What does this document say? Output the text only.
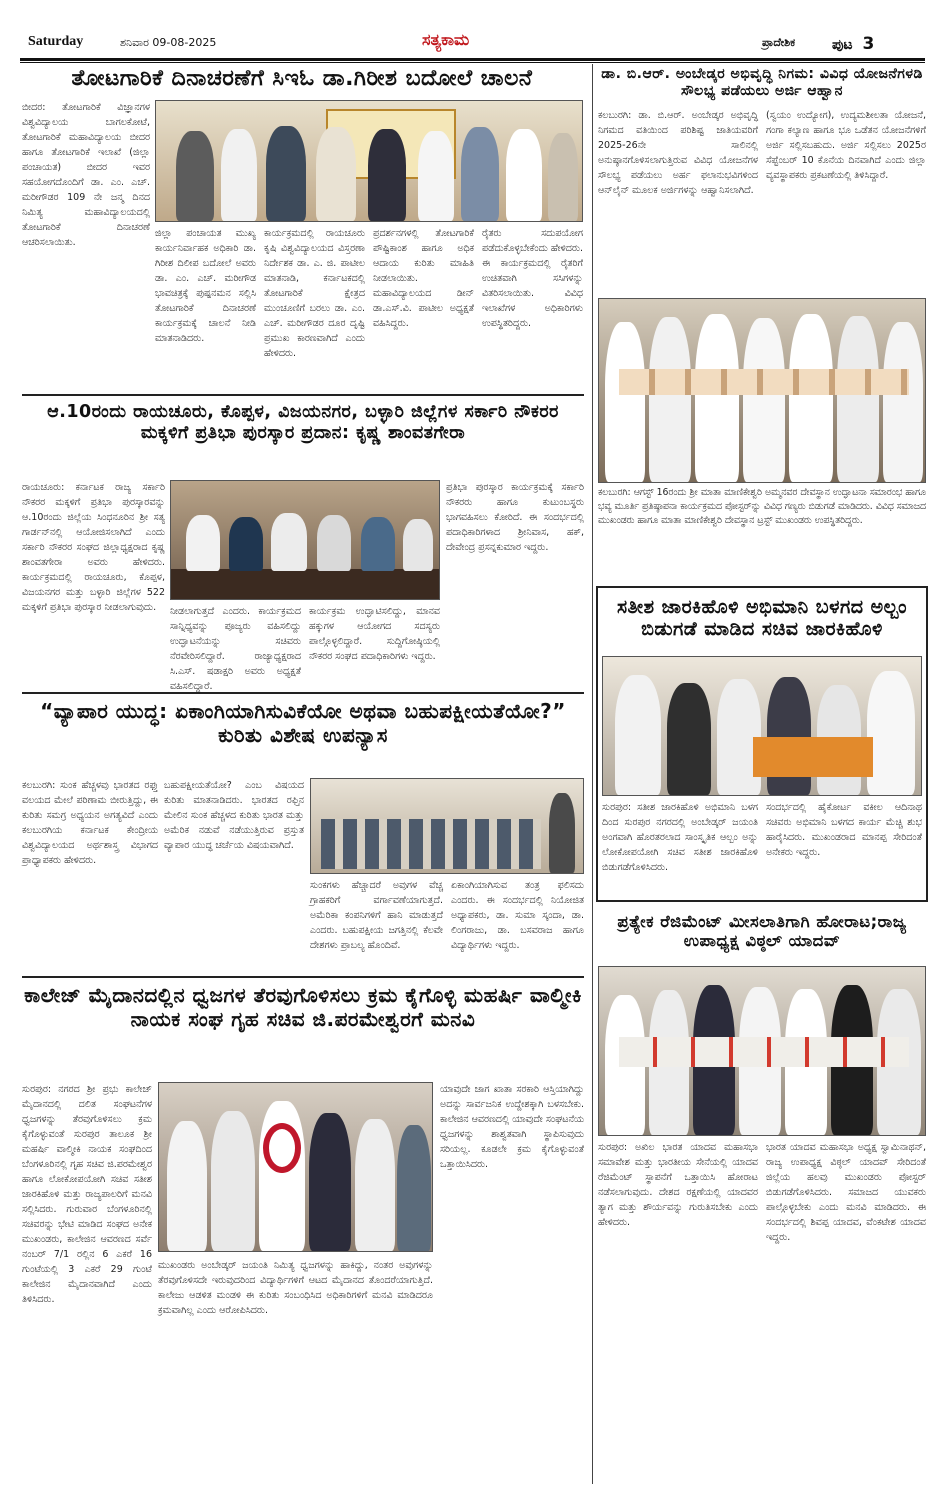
Saturday	ಶನಿವಾರ 09-08-2025	ಸತ್ಯಕಾಮ	ಪ್ರಾದೇಶಿಕ	ಪುಟ 3
ತೋಟಗಾರಿಕೆ ದಿನಾಚರಣೆಗೆ ಸಿಇಓ ಡಾ.ಗಿರೀಶ ಬದೋಲೆ ಚಾಲನೆ

ಬೀದರ: ತೋಟಗಾರಿಕೆ ವಿಜ್ಞಾನಗಳ ವಿಶ್ವವಿದ್ಯಾಲಯ ಬಾಗಲಕೋಟೆ, ತೋಟಗಾರಿಕೆ ಮಹಾವಿದ್ಯಾಲಯ ಬೀದರ ಹಾಗೂ ತೋಟಗಾರಿಕೆ ಇಲಾಖೆ (ಜಿಲ್ಲಾ ಪಂಚಾಯತ) ಬೀದರ ಇವರ ಸಹಯೋಗದೊಂದಿಗೆ ಡಾ. ಎಂ. ಎಚ್. ಮರೀಗೌಡರ 109 ನೇ ಜನ್ಮ ದಿನದ ನಿಮಿತ್ಯ ಮಹಾವಿದ್ಯಾಲಯದಲ್ಲಿ ತೋಟಗಾರಿಕೆ ದಿನಾಚರಣೆ ಆಚರಿಸಲಾಯಿತು.

ಜಿಲ್ಲಾ ಪಂಚಾಯತ ಮುಖ್ಯ ಕಾರ್ಯನಿರ್ವಾಹಕ ಅಧಿಕಾರಿ ಡಾ. ಗಿರೀಶ ದಿಲೀಪ ಬದೋಲೆ ಅವರು ಡಾ. ಎಂ. ಎಚ್. ಮರೀಗೌಡ ಭಾವಚಿತ್ರಕ್ಕೆ ಪುಷ್ಪನಮನ ಸಲ್ಲಿಸಿ ತೋಟಗಾರಿಕೆ ದಿನಾಚರಣೆ ಕಾರ್ಯಕ್ರಮಕ್ಕೆ ಚಾಲನೆ ನೀಡಿ ಮಾತನಾಡಿದರು.

ಕಾರ್ಯಕ್ರಮದಲ್ಲಿ ರಾಯಚೂರು ಕೃಷಿ ವಿಶ್ವವಿದ್ಯಾಲಯದ ವಿಸ್ತರಣಾ ನಿರ್ದೇಶಕ ಡಾ. ಎ. ಜಿ. ಪಾಟೀಲ ಮಾತನಾಡಿ, ಕರ್ನಾಟಕದಲ್ಲಿ ತೋಟಗಾರಿಕೆ ಕ್ಷೇತ್ರದ ಮುಂಚೂಣಿಗೆ ಬರಲು ಡಾ. ಎಂ. ಎಚ್. ಮರೀಗೌಡರ ದೂರ ದೃಷ್ಟಿ ಪ್ರಮುಖ ಕಾರಣವಾಗಿದೆ ಎಂದು ಹೇಳಿದರು.

ಪ್ರದರ್ಶನಗಳಲ್ಲಿ ತೋಟಗಾರಿಕೆ ಪೌಷ್ಟಿಕಾಂಶ ಹಾಗೂ ಅಧಿಕ ಆದಾಯ ಕುರಿತು ಮಾಹಿತಿ ನೀಡಲಾಯಿತು. ಮಹಾವಿದ್ಯಾಲಯದ ಡೀನ್ ಡಾ.ಎಸ್.ವಿ. ಪಾಟೀಲ ಅಧ್ಯಕ್ಷತೆ ವಹಿಸಿದ್ದರು.

ರೈತರು ಸದುಪಯೋಗ ಪಡೆದುಕೊಳ್ಳಬೇಕೆಂದು ಹೇಳಿದರು. ಈ ಕಾರ್ಯಕ್ರಮದಲ್ಲಿ ರೈತರಿಗೆ ಉಚಿತವಾಗಿ ಸಸಿಗಳನ್ನು ವಿತರಿಸಲಾಯಿತು. ವಿವಿಧ ಇಲಾಖೆಗಳ ಅಧಿಕಾರಿಗಳು ಉಪಸ್ಥಿತರಿದ್ದರು.

ಆ.10ರಂದು ರಾಯಚೂರು, ಕೊಪ್ಪಳ, ವಿಜಯನಗರ, ಬಳ್ಳಾರಿ ಜಿಲ್ಲೆಗಳ ಸರ್ಕಾರಿ ನೌಕರರ ಮಕ್ಕಳಿಗೆ ಪ್ರತಿಭಾ ಪುರಸ್ಕಾರ ಪ್ರದಾನ: ಕೃಷ್ಣ ಶಾಂವತಗೇರಾ

ರಾಯಚೂರು: ಕರ್ನಾಟಕ ರಾಜ್ಯ ಸರ್ಕಾರಿ ನೌಕರರ ಮಕ್ಕಳಿಗೆ ಪ್ರತಿಭಾ ಪುರಸ್ಕಾರವನ್ನು ಆ.10ರಂದು ಜಿಲ್ಲೆಯ ಸಿಂಧನೂರಿನ ಶ್ರೀ ಸತ್ಯ ಗಾರ್ಡನ್‌ನಲ್ಲಿ ಆಯೋಜಿಸಲಾಗಿದೆ ಎಂದು ಸರ್ಕಾರಿ ನೌಕರರ ಸಂಘದ ಜಿಲ್ಲಾಧ್ಯಕ್ಷರಾದ ಕೃಷ್ಣ ಶಾಂವತಗೇರಾ ಅವರು ಹೇಳಿದರು. ಕಾರ್ಯಕ್ರಮದಲ್ಲಿ ರಾಯಚೂರು, ಕೊಪ್ಪಳ, ವಿಜಯನಗರ ಮತ್ತು ಬಳ್ಳಾರಿ ಜಿಲ್ಲೆಗಳ 522 ಮಕ್ಕಳಿಗೆ ಪ್ರತಿಭಾ ಪುರಸ್ಕಾರ ನೀಡಲಾಗುವುದು.

ಪ್ರತಿಭಾ ಪುರಸ್ಕಾರ ಕಾರ್ಯಕ್ರಮಕ್ಕೆ ಸರ್ಕಾರಿ ನೌಕರರು ಹಾಗೂ ಕುಟುಂಬಸ್ಥರು ಭಾಗವಹಿಸಲು ಕೋರಿದೆ. ಈ ಸಂದರ್ಭದಲ್ಲಿ ಪದಾಧಿಕಾರಿಗಳಾದ ಶ್ರೀನಿವಾಸ, ಹಕ್, ದೇವೇಂದ್ರ ಪ್ರಸನ್ನಕುಮಾರ ಇದ್ದರು.

ನೀಡಲಾಗುತ್ತದೆ ಎಂದರು. ಕಾರ್ಯಕ್ರಮದ ಸಾನ್ನಿಧ್ಯವನ್ನು ಪೂಜ್ಯರು ವಹಿಸಲಿದ್ದು ಉದ್ಘಾಟನೆಯನ್ನು ಸಚಿವರು ನೆರವೇರಿಸಲಿದ್ದಾರೆ. ರಾಜ್ಯಾಧ್ಯಕ್ಷರಾದ ಸಿ.ಎಸ್. ಷಡಾಕ್ಷರಿ ಅವರು ಅಧ್ಯಕ್ಷತೆ ವಹಿಸಲಿದ್ದಾರೆ.

ಕಾರ್ಯಕ್ರಮ ಉದ್ಘಾಟಿಸಲಿದ್ದು, ಮಾನವ ಹಕ್ಕುಗಳ ಆಯೋಗದ ಸದಸ್ಯರು ಪಾಲ್ಗೊಳ್ಳಲಿದ್ದಾರೆ. ಸುದ್ದಿಗೋಷ್ಠಿಯಲ್ಲಿ ನೌಕರರ ಸಂಘದ ಪದಾಧಿಕಾರಿಗಳು ಇದ್ದರು.

“ವ್ಯಾಪಾರ ಯುದ್ಧ: ಏಕಾಂಗಿಯಾಗಿಸುವಿಕೆಯೋ ಅಥವಾ ಬಹುಪಕ್ಷೀಯತೆಯೋ?” ಕುರಿತು ವಿಶೇಷ ಉಪನ್ಯಾಸ

ಕಲಬುರಗಿ: ಸುಂಕ ಹೆಚ್ಚಳವು ಭಾರತದ ರಫ್ತು ವಲಯದ ಮೇಲೆ ಪರಿಣಾಮ ಬೀರುತ್ತಿದ್ದು, ಈ ಕುರಿತು ಸಮಗ್ರ ಅಧ್ಯಯನ ಅಗತ್ಯವಿದೆ ಎಂದು ಕಲಬುರಗಿಯ ಕರ್ನಾಟಕ ಕೇಂದ್ರೀಯ ವಿಶ್ವವಿದ್ಯಾಲಯದ ಅರ್ಥಶಾಸ್ತ್ರ ವಿಭಾಗದ ಪ್ರಾಧ್ಯಾಪಕರು ಹೇಳಿದರು.

ಬಹುಪಕ್ಷೀಯತೆಯೋ? ಎಂಬ ವಿಷಯದ ಕುರಿತು ಮಾತನಾಡಿದರು. ಭಾರತದ ರಫ್ತಿನ ಮೇಲಿನ ಸುಂಕ ಹೆಚ್ಚಳದ ಕುರಿತು ಭಾರತ ಮತ್ತು ಅಮೆರಿಕ ನಡುವೆ ನಡೆಯುತ್ತಿರುವ ಪ್ರಸ್ತುತ ವ್ಯಾಪಾರ ಯುದ್ಧ ಚರ್ಚೆಯ ವಿಷಯವಾಗಿದೆ.

ಸುಂಕಗಳು ಹೆಚ್ಚಾದರೆ ಅವುಗಳ ವೆಚ್ಚ ಗ್ರಾಹಕರಿಗೆ ವರ್ಗಾವಣೆಯಾಗುತ್ತದೆ. ಅಮೆರಿಕಾ ಕಂಪನಿಗಳಿಗೆ ಹಾನಿ ಮಾಡುತ್ತದೆ ಎಂದರು. ಬಹುಪಕ್ಷೀಯ ಜಗತ್ತಿನಲ್ಲಿ ಕೆಲವೇ ದೇಶಗಳು ಪ್ರಾಬಲ್ಯ ಹೊಂದಿವೆ.

ಏಕಾಂಗಿಯಾಗಿಸುವ ತಂತ್ರ ಫಲಿಸದು ಎಂದರು. ಈ ಸಂದರ್ಭದಲ್ಲಿ ನಿಯೋಜಿತ ಅಧ್ಯಾಪಕರು, ಡಾ. ಸುಮಾ ಸ್ಕಂದಾ, ಡಾ. ಲಿಂಗರಾಜು, ಡಾ. ಬಸವರಾಜ ಹಾಗೂ ವಿದ್ಯಾರ್ಥಿಗಳು ಇದ್ದರು.

ಕಾಲೇಜ್ ಮೈದಾನದಲ್ಲಿನ ಧ್ವಜಗಳ ತೆರವುಗೊಳಿಸಲು ಕ್ರಮ ಕೈಗೊಳ್ಳಿ ಮಹರ್ಷಿ ವಾಲ್ಮೀಕಿ ನಾಯಕ ಸಂಘ ಗೃಹ ಸಚಿವ ಜಿ.ಪರಮೇಶ್ವರಗೆ ಮನವಿ

ಸುರಪುರ: ನಗರದ ಶ್ರೀ ಪ್ರಭು ಕಾಲೇಜ್ ಮೈದಾನದಲ್ಲಿ ದಲಿತ ಸಂಘಟನೆಗಳ ಧ್ವಜಗಳನ್ನು ತೆರವುಗೊಳಿಸಲು ಕ್ರಮ ಕೈಗೊಳ್ಳುವಂತೆ ಸುರಪುರ ತಾಲೂಕ ಶ್ರೀ ಮಹರ್ಷಿ ವಾಲ್ಮೀಕಿ ನಾಯಕ ಸಂಘದಿಂದ ಬೆಂಗಳೂರಿನಲ್ಲಿ ಗೃಹ ಸಚಿವ ಜಿ.ಪರಮೇಶ್ವರ ಹಾಗೂ ಲೋಕೋಪಯೋಗಿ ಸಚಿವ ಸತೀಶ ಜಾರಕಿಹೊಳಿ ಮತ್ತು ರಾಜ್ಯಪಾಲರಿಗೆ ಮನವಿ ಸಲ್ಲಿಸಿದರು. ಗುರುವಾರ ಬೆಂಗಳೂರಿನಲ್ಲಿ ಸಚಿವರನ್ನು ಭೇಟಿ ಮಾಡಿದ ಸಂಘದ ಅನೇಕ ಮುಖಂಡರು, ಕಾಲೇಜಿನ ಆವರಣದ ಸರ್ವೆ ನಂಬರ್ 7/1 ರಲ್ಲಿನ 6 ಎಕರೆ 16 ಗುಂಟೆಯಲ್ಲಿ 3 ಎಕರೆ 29 ಗುಂಟೆ ಕಾಲೇಜಿನ ಮೈದಾನವಾಗಿದೆ ಎಂದು ತಿಳಿಸಿದರು.

ಮುಖಂಡರು ಅಂಬೇಡ್ಕರ್ ಜಯಂತಿ ನಿಮಿತ್ಯ ಧ್ವಜಗಳನ್ನು ಹಾಕಿದ್ದು, ನಂತರ ಅವುಗಳನ್ನು ತೆರವುಗೊಳಿಸದೇ ಇರುವುದರಿಂದ ವಿದ್ಯಾರ್ಥಿಗಳಿಗೆ ಆಟದ ಮೈದಾನದ ತೊಂದರೆಯಾಗುತ್ತಿದೆ. ಕಾಲೇಜು ಆಡಳಿತ ಮಂಡಳಿ ಈ ಕುರಿತು ಸಂಬಂಧಿಸಿದ ಅಧಿಕಾರಿಗಳಿಗೆ ಮನವಿ ಮಾಡಿದರೂ ಕ್ರಮವಾಗಿಲ್ಲ ಎಂದು ಆರೋಪಿಸಿದರು.

ಯಾವುದೇ ಜಾಗ ಖಾತಾ ಸರಕಾರಿ ಆಸ್ತಿಯಾಗಿದ್ದು ಅದನ್ನು ಸಾರ್ವಜನಿಕ ಉದ್ದೇಶಕ್ಕಾಗಿ ಬಳಸಬೇಕು. ಕಾಲೇಜಿನ ಆವರಣದಲ್ಲಿ ಯಾವುದೇ ಸಂಘಟನೆಯ ಧ್ವಜಗಳನ್ನು ಶಾಶ್ವತವಾಗಿ ಸ್ಥಾಪಿಸುವುದು ಸರಿಯಲ್ಲ. ಕೂಡಲೇ ಕ್ರಮ ಕೈಗೊಳ್ಳುವಂತೆ ಒತ್ತಾಯಿಸಿದರು.

ಡಾ. ಬಿ.ಆರ್. ಅಂಬೇಡ್ಕರ ಅಭಿವೃದ್ಧಿ ನಿಗಮ: ವಿವಿಧ ಯೋಜನೆಗಳಡಿ ಸೌಲಭ್ಯ ಪಡೆಯಲು ಅರ್ಜಿ ಆಹ್ವಾನ

ಕಲಬುರಗಿ: ಡಾ. ಬಿ.ಆರ್. ಅಂಬೇಡ್ಕರ ಅಭಿವೃದ್ಧಿ ನಿಗಮದ ವತಿಯಿಂದ ಪರಿಶಿಷ್ಟ ಜಾತಿಯವರಿಗೆ 2025-26ನೇ ಸಾಲಿನಲ್ಲಿ ಅನುಷ್ಠಾನಗೊಳಿಸಲಾಗುತ್ತಿರುವ ವಿವಿಧ ಯೋಜನೆಗಳ ಸೌಲಭ್ಯ ಪಡೆಯಲು ಅರ್ಹ ಫಲಾನುಭವಿಗಳಿಂದ ಆನ್‌ಲೈನ್ ಮೂಲಕ ಅರ್ಜಿಗಳನ್ನು ಆಹ್ವಾನಿಸಲಾಗಿದೆ.

(ಸ್ವಯಂ ಉದ್ಯೋಗ), ಉದ್ಯಮಶೀಲತಾ ಯೋಜನೆ, ಗಂಗಾ ಕಲ್ಯಾಣ ಹಾಗೂ ಭೂ ಒಡೆತನ ಯೋಜನೆಗಳಿಗೆ ಅರ್ಜಿ ಸಲ್ಲಿಸಬಹುದು. ಅರ್ಜಿ ಸಲ್ಲಿಸಲು 2025ರ ಸೆಪ್ಟೆಂಬರ್ 10 ಕೊನೆಯ ದಿನವಾಗಿದೆ ಎಂದು ಜಿಲ್ಲಾ ವ್ಯವಸ್ಥಾಪಕರು ಪ್ರಕಟಣೆಯಲ್ಲಿ ತಿಳಿಸಿದ್ದಾರೆ.

ಕಲಬುರಗಿ: ಆಗಸ್ಟ್ 16ರಂದು ಶ್ರೀ ಮಾತಾ ಮಾಣಿಕೇಶ್ವರಿ ಅಮ್ಮನವರ ದೇವಸ್ಥಾನ ಉದ್ಘಾಟನಾ ಸಮಾರಂಭ ಹಾಗೂ ಭವ್ಯ ಮೂರ್ತಿ ಪ್ರತಿಷ್ಠಾಪನಾ ಕಾರ್ಯಕ್ರಮದ ಪೋಸ್ಟರ್‌ನ್ನು ವಿವಿಧ ಗಣ್ಯರು ಬಿಡುಗಡೆ ಮಾಡಿದರು. ವಿವಿಧ ಸಮಾಜದ ಮುಖಂಡರು ಹಾಗೂ ಮಾತಾ ಮಾಣಿಕೇಶ್ವರಿ ದೇವಸ್ಥಾನ ಟ್ರಸ್ಟ್ ಮುಖಂಡರು ಉಪಸ್ಥಿತರಿದ್ದರು.
ಸತೀಶ ಜಾರಕಿಹೊಳಿ ಅಭಿಮಾನಿ ಬಳಗದ ಅಲ್ಬಂ ಬಿಡುಗಡೆ ಮಾಡಿದ ಸಚಿವ ಜಾರಕಿಹೊಳಿ

ಸುರಪುರ: ಸತೀಶ ಜಾರಕಿಹೊಳಿ ಅಭಿಮಾನಿ ಬಳಗ ದಿಂದ ಸುರಪುರ ನಗರದಲ್ಲಿ ಅಂಬೇಡ್ಕರ್ ಜಯಂತಿ ಅಂಗವಾಗಿ ಹೊರತರಲಾದ ಸಾಂಸ್ಕೃತಿಕ ಆಲ್ಬಂ ಅನ್ನು ಲೋಕೋಪಯೋಗಿ ಸಚಿವ ಸತೀಶ ಜಾರಕಿಹೊಳಿ ಬಿಡುಗಡೆಗೊಳಿಸಿದರು.

ಸಂದರ್ಭದಲ್ಲಿ ಹೈಕೋರ್ಟ ವಕೀಲ ಆದಿನಾಥ ಸಚಿವರು ಅಭಿಮಾನಿ ಬಳಗದ ಕಾರ್ಯ ಮೆಚ್ಚಿ ಶುಭ ಹಾರೈಸಿದರು. ಮುಖಂಡರಾದ ಮಾನಪ್ಪ ಸೇರಿದಂತೆ ಅನೇಕರು ಇದ್ದರು.

ಪ್ರತ್ಯೇಕ ರೆಜಿಮೆಂಟ್ ಮೀಸಲಾತಿಗಾಗಿ ಹೋರಾಟ;ರಾಜ್ಯ ಉಪಾಧ್ಯಕ್ಷ ವಿಠ್ಠಲ್ ಯಾದವ್

ಸುರಪುರ: ಅಖಿಲ ಭಾರತ ಯಾದವ ಮಹಾಸಭಾ ಸಮಾವೇಶ ಮತ್ತು ಭಾರತೀಯ ಸೇನೆಯಲ್ಲಿ ಯಾದವ ರೆಜಿಮೆಂಟ್ ಸ್ಥಾಪನೆಗೆ ಒತ್ತಾಯಿಸಿ ಹೋರಾಟ ನಡೆಸಲಾಗುವುದು. ದೇಶದ ರಕ್ಷಣೆಯಲ್ಲಿ ಯಾದವರ ತ್ಯಾಗ ಮತ್ತು ಶೌರ್ಯವನ್ನು ಗುರುತಿಸಬೇಕು ಎಂದು ಹೇಳಿದರು.

ಭಾರತ ಯಾದವ ಮಹಾಸಭಾ ಅಧ್ಯಕ್ಷ ಸ್ವಾಮಿನಾಥನ್, ರಾಜ್ಯ ಉಪಾಧ್ಯಕ್ಷ ವಿಠ್ಠಲ್ ಯಾದವ್ ಸೇರಿದಂತೆ ಜಿಲ್ಲೆಯ ಹಲವು ಮುಖಂಡರು ಪೋಸ್ಟರ್ ಬಿಡುಗಡೆಗೊಳಿಸಿದರು. ಸಮಾಜದ ಯುವಕರು ಪಾಲ್ಗೊಳ್ಳಬೇಕು ಎಂದು ಮನವಿ ಮಾಡಿದರು. ಈ ಸಂದರ್ಭದಲ್ಲಿ ಶಿವಪ್ಪ ಯಾದವ, ವೆಂಕಟೇಶ ಯಾದವ ಇದ್ದರು.
